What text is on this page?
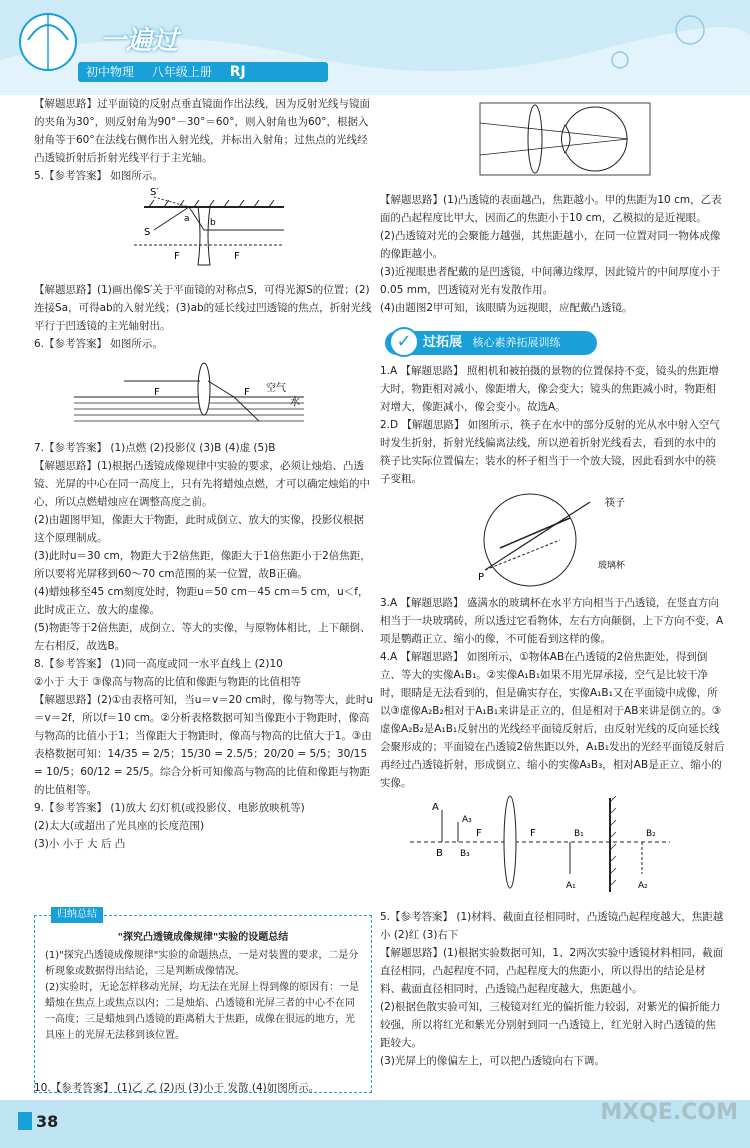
一遍过
初中物理 八年级上册 RJ

【解题思路】过平面镜的反射点垂直镜面作出法线，因为反射光线与镜面的夹角为30°，则反射角为90°－30°＝60°，则入射角也为60°，根据入射角等于60°在法线右侧作出入射光线，并标出入射角；过焦点的光线经凸透镜折射后折射光线平行于主光轴。

5.【参考答案】 如图所示。

S′
S
a b
F	F

【解题思路】(1)画出像S′关于平面镜的对称点S，可得光源S的位置；(2)连接Sa，可得ab的入射光线；(3)ab的延长线过凹透镜的焦点，折射光线平行于凹透镜的主光轴射出。

6.【参考答案】 如图所示。

F	F 空气
水

7.【参考答案】 (1)点燃 (2)投影仪 (3)B (4)虚 (5)B

【解题思路】(1)根据凸透镜成像规律中实验的要求，必须让烛焰、凸透镜、光屏的中心在同一高度上，只有先将蜡烛点燃，才可以确定烛焰的中心，所以点燃蜡烛应在调整高度之前。

(2)由题图甲知，像距大于物距，此时成倒立、放大的实像，投影仪根据这个原理制成。

(3)此时u＝30 cm，物距大于2倍焦距，像距大于1倍焦距小于2倍焦距，所以要将光屏移到60～70 cm范围的某一位置，故B正确。

(4)蜡烛移至45 cm刻度处时，物距u＝50 cm－45 cm＝5 cm，u＜f，此时成正立、放大的虚像。

(5)物距等于2倍焦距，成倒立、等大的实像，与原物体相比，上下颠倒、左右相反，故选B。

8.【参考答案】 (1)同一高度或同一水平直线上 (2)10

②小于 大于 ③像高与物高的比值和像距与物距的比值相等

【解题思路】(2)①由表格可知，当u＝v＝20 cm时，像与物等大，此时u＝v＝2f，所以f＝10 cm。②分析表格数据可知当像距小于物距时，像高与物高的比值小于1；当像距大于物距时，像高与物高的比值大于1。③由表格数据可知：14/35 = 2/5；15/30 = 2.5/5；20/20 = 5/5；30/15 = 10/5；60/12 = 25/5。综合分析可知像高与物高的比值和像距与物距的比值相等。

9.【参考答案】 (1)放大 幻灯机(或投影仪、电影放映机等)

(2)太大(或超出了光具座的长度范围)

(3)小 小于 大 后 凸

归纳总结
"探究凸透镜成像规律"实验的设题总结

(1)"探究凸透镜成像规律"实验的命题热点，一是对装置的要求，二是分析现象或数据得出结论，三是判断成像情况。

(2)实验时，无论怎样移动光屏，均无法在光屏上得到像的原因有：一是蜡烛在焦点上或焦点以内；二是烛焰、凸透镜和光屏三者的中心不在同一高度；三是蜡烛到凸透镜的距离稍大于焦距，成像在很远的地方，光具座上的光屏无法移到该位置。

10.【参考答案】 (1)乙 乙 (2)丙 (3)小于 发散 (4)如图所示。

【解题思路】(1)凸透镜的表面越凸，焦距越小。甲的焦距为10 cm，乙表面的凸起程度比甲大，因而乙的焦距小于10 cm，乙模拟的是近视眼。

(2)凸透镜对光的会聚能力越强，其焦距越小，在同一位置对同一物体成像的像距越小。

(3)近视眼患者配戴的是凹透镜，中间薄边缘厚，因此镜片的中间厚度小于0.05 mm，凹透镜对光有发散作用。

(4)由题图2甲可知，该眼睛为远视眼，应配戴凸透镜。

✓ 过拓展 核心素养拓展训练

1.A 【解题思路】 照相机和被拍摄的景物的位置保持不变，镜头的焦距增大时，物距相对减小，像距增大，像会变大；镜头的焦距减小时，物距相对增大，像距减小，像会变小。故选A。

2.D 【解题思路】 如图所示，筷子在水中的部分反射的光从水中射入空气时发生折射，折射光线偏离法线，所以逆着折射光线看去，看到的水中的筷子比实际位置偏左；装水的杯子相当于一个放大镜，因此看到水中的筷子变粗。

筷子
P
玻璃杯

3.A 【解题思路】 盛满水的玻璃杯在水平方向相当于凸透镜，在竖直方向相当于一块玻璃砖，所以透过它看物体，左右方向颠倒，上下方向不变，A项是鹦鹉正立、缩小的像，不可能看到这样的像。

4.A 【解题思路】 如图所示，①物体AB在凸透镜的2倍焦距处，得到倒立、等大的实像A₁B₁。②实像A₁B₁如果不用光屏承接，空气是比较干净时，眼睛是无法看到的，但是确实存在，实像A₁B₁又在平面镜中成像，所以③虚像A₂B₂相对于A₁B₁来讲是正立的，但是相对于AB来讲是倒立的。③虚像A₂B₂是A₁B₁反射出的光线经平面镜反射后，由反射光线的反向延长线会聚形成的；平面镜在凸透镜2倍焦距以外，A₁B₁发出的光经平面镜反射后再经过凸透镜折射，形成倒立、缩小的实像A₃B₃，相对AB是正立、缩小的实像。

A
A₃
B B₃
F	F	B₁	B₂
A₁	A₂

5.【参考答案】 (1)材料、截面直径相同时，凸透镜凸起程度越大，焦距越小 (2)红 (3)右下

【解题思路】(1)根据实验数据可知，1、2两次实验中透镜材料相同，截面直径相同，凸起程度不同，凸起程度大的焦距小，所以得出的结论是材料、截面直径相同时，凸透镜凸起程度越大，焦距越小。

(2)根据色散实验可知，三棱镜对红光的偏折能力较弱，对紫光的偏折能力较强，所以将红光和紫光分别射到同一凸透镜上，红光射入时凸透镜的焦距较大。

(3)光屏上的像偏左上，可以把凸透镜向右下调。

38	MXQE.COM
